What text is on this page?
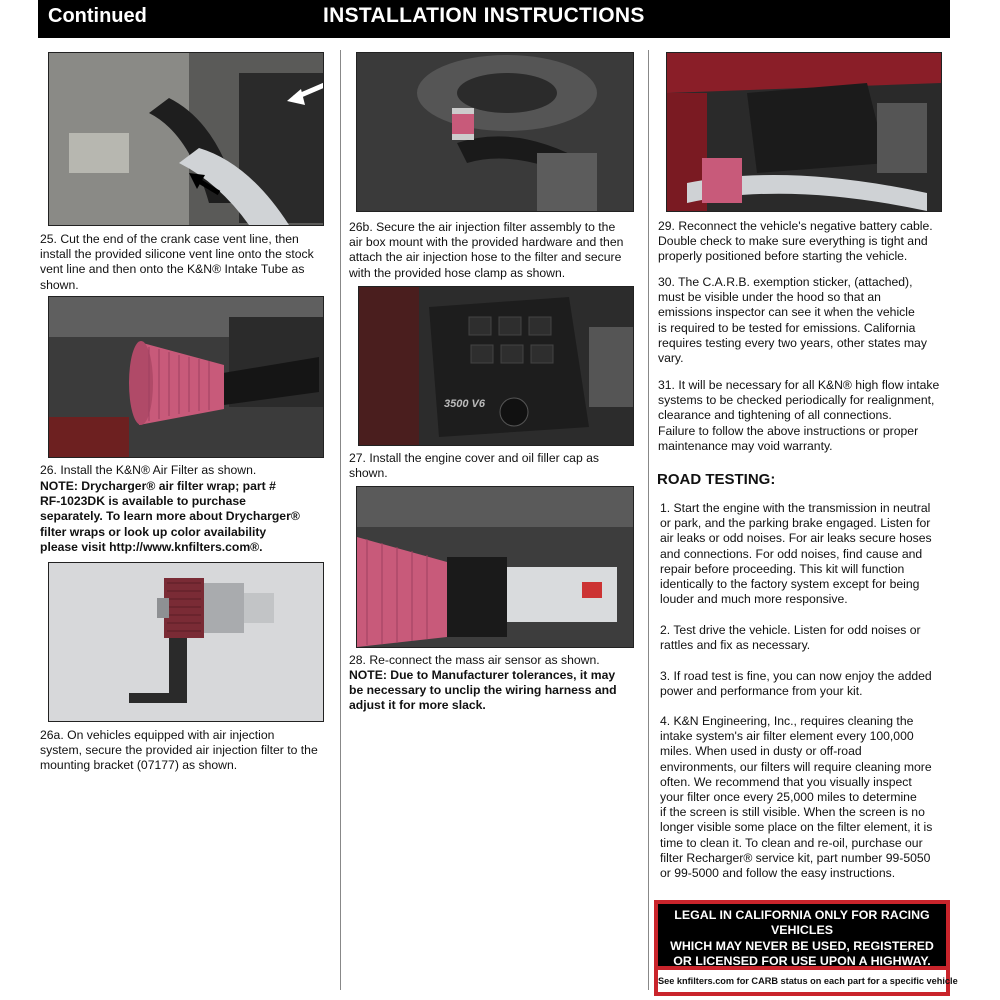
Continued	INSTALLATION INSTRUCTIONS
25. Cut the end of the crank case vent line, then
install the provided silicone vent line onto the stock
vent line and then onto the K&N® Intake Tube as
shown.
26. Install the K&N® Air Filter as shown.
NOTE: Drycharger® air filter wrap; part #
RF-1023DK is available to purchase
separately. To learn more about Drycharger®
filter wraps or look up color availability
please visit http://www.knfilters.com®.
26a. On vehicles equipped with air injection
system, secure the provided air injection filter to the
mounting bracket (07177) as shown.
26b. Secure the air injection filter assembly to the
air box mount with the provided hardware and then
attach the air injection hose to the filter and secure
with the provided hose clamp as shown.
3500 V6
27. Install the engine cover and oil filler cap as
shown.
28. Re-connect the mass air sensor as shown.
NOTE: Due to Manufacturer tolerances, it may
be necessary to unclip the wiring harness and
adjust it for more slack.
29. Reconnect the vehicle's negative battery cable.
Double check to make sure everything is tight and
properly positioned before starting the vehicle.
30. The C.A.R.B. exemption sticker, (attached),
must be visible under the hood so that an
emissions inspector can see it when the vehicle
is required to be tested for emissions. California
requires testing every two years, other states may
vary.
31. It will be necessary for all K&N® high flow intake
systems to be checked periodically for realignment,
clearance and tightening of all connections.
Failure to follow the above instructions or proper
maintenance may void warranty.
ROAD TESTING:
1. Start the engine with the transmission in neutral
or park, and the parking brake engaged. Listen for
air leaks or odd noises. For air leaks secure hoses
and connections. For odd noises, find cause and
repair before proceeding. This kit will function
identically to the factory system except for being
louder and much more responsive.
2. Test drive the vehicle. Listen for odd noises or
rattles and fix as necessary.
3. If road test is fine, you can now enjoy the added
power and performance from your kit.
4. K&N Engineering, Inc., requires cleaning the
intake system's air filter element every 100,000
miles. When used in dusty or off-road
environments, our filters will require cleaning more
often. We recommend that you visually inspect
your filter once every 25,000 miles to determine
if the screen is still visible. When the screen is no
longer visible some place on the filter element, it is
time to clean it. To clean and re-oil, purchase our
filter Recharger® service kit, part number 99-5050
or 99-5000 and follow the easy instructions.
LEGAL IN CALIFORNIA ONLY FOR RACING VEHICLES
WHICH MAY NEVER BE USED, REGISTERED
OR LICENSED FOR USE UPON A HIGHWAY.
See knfilters.com for CARB status on each part for a specific vehicle
